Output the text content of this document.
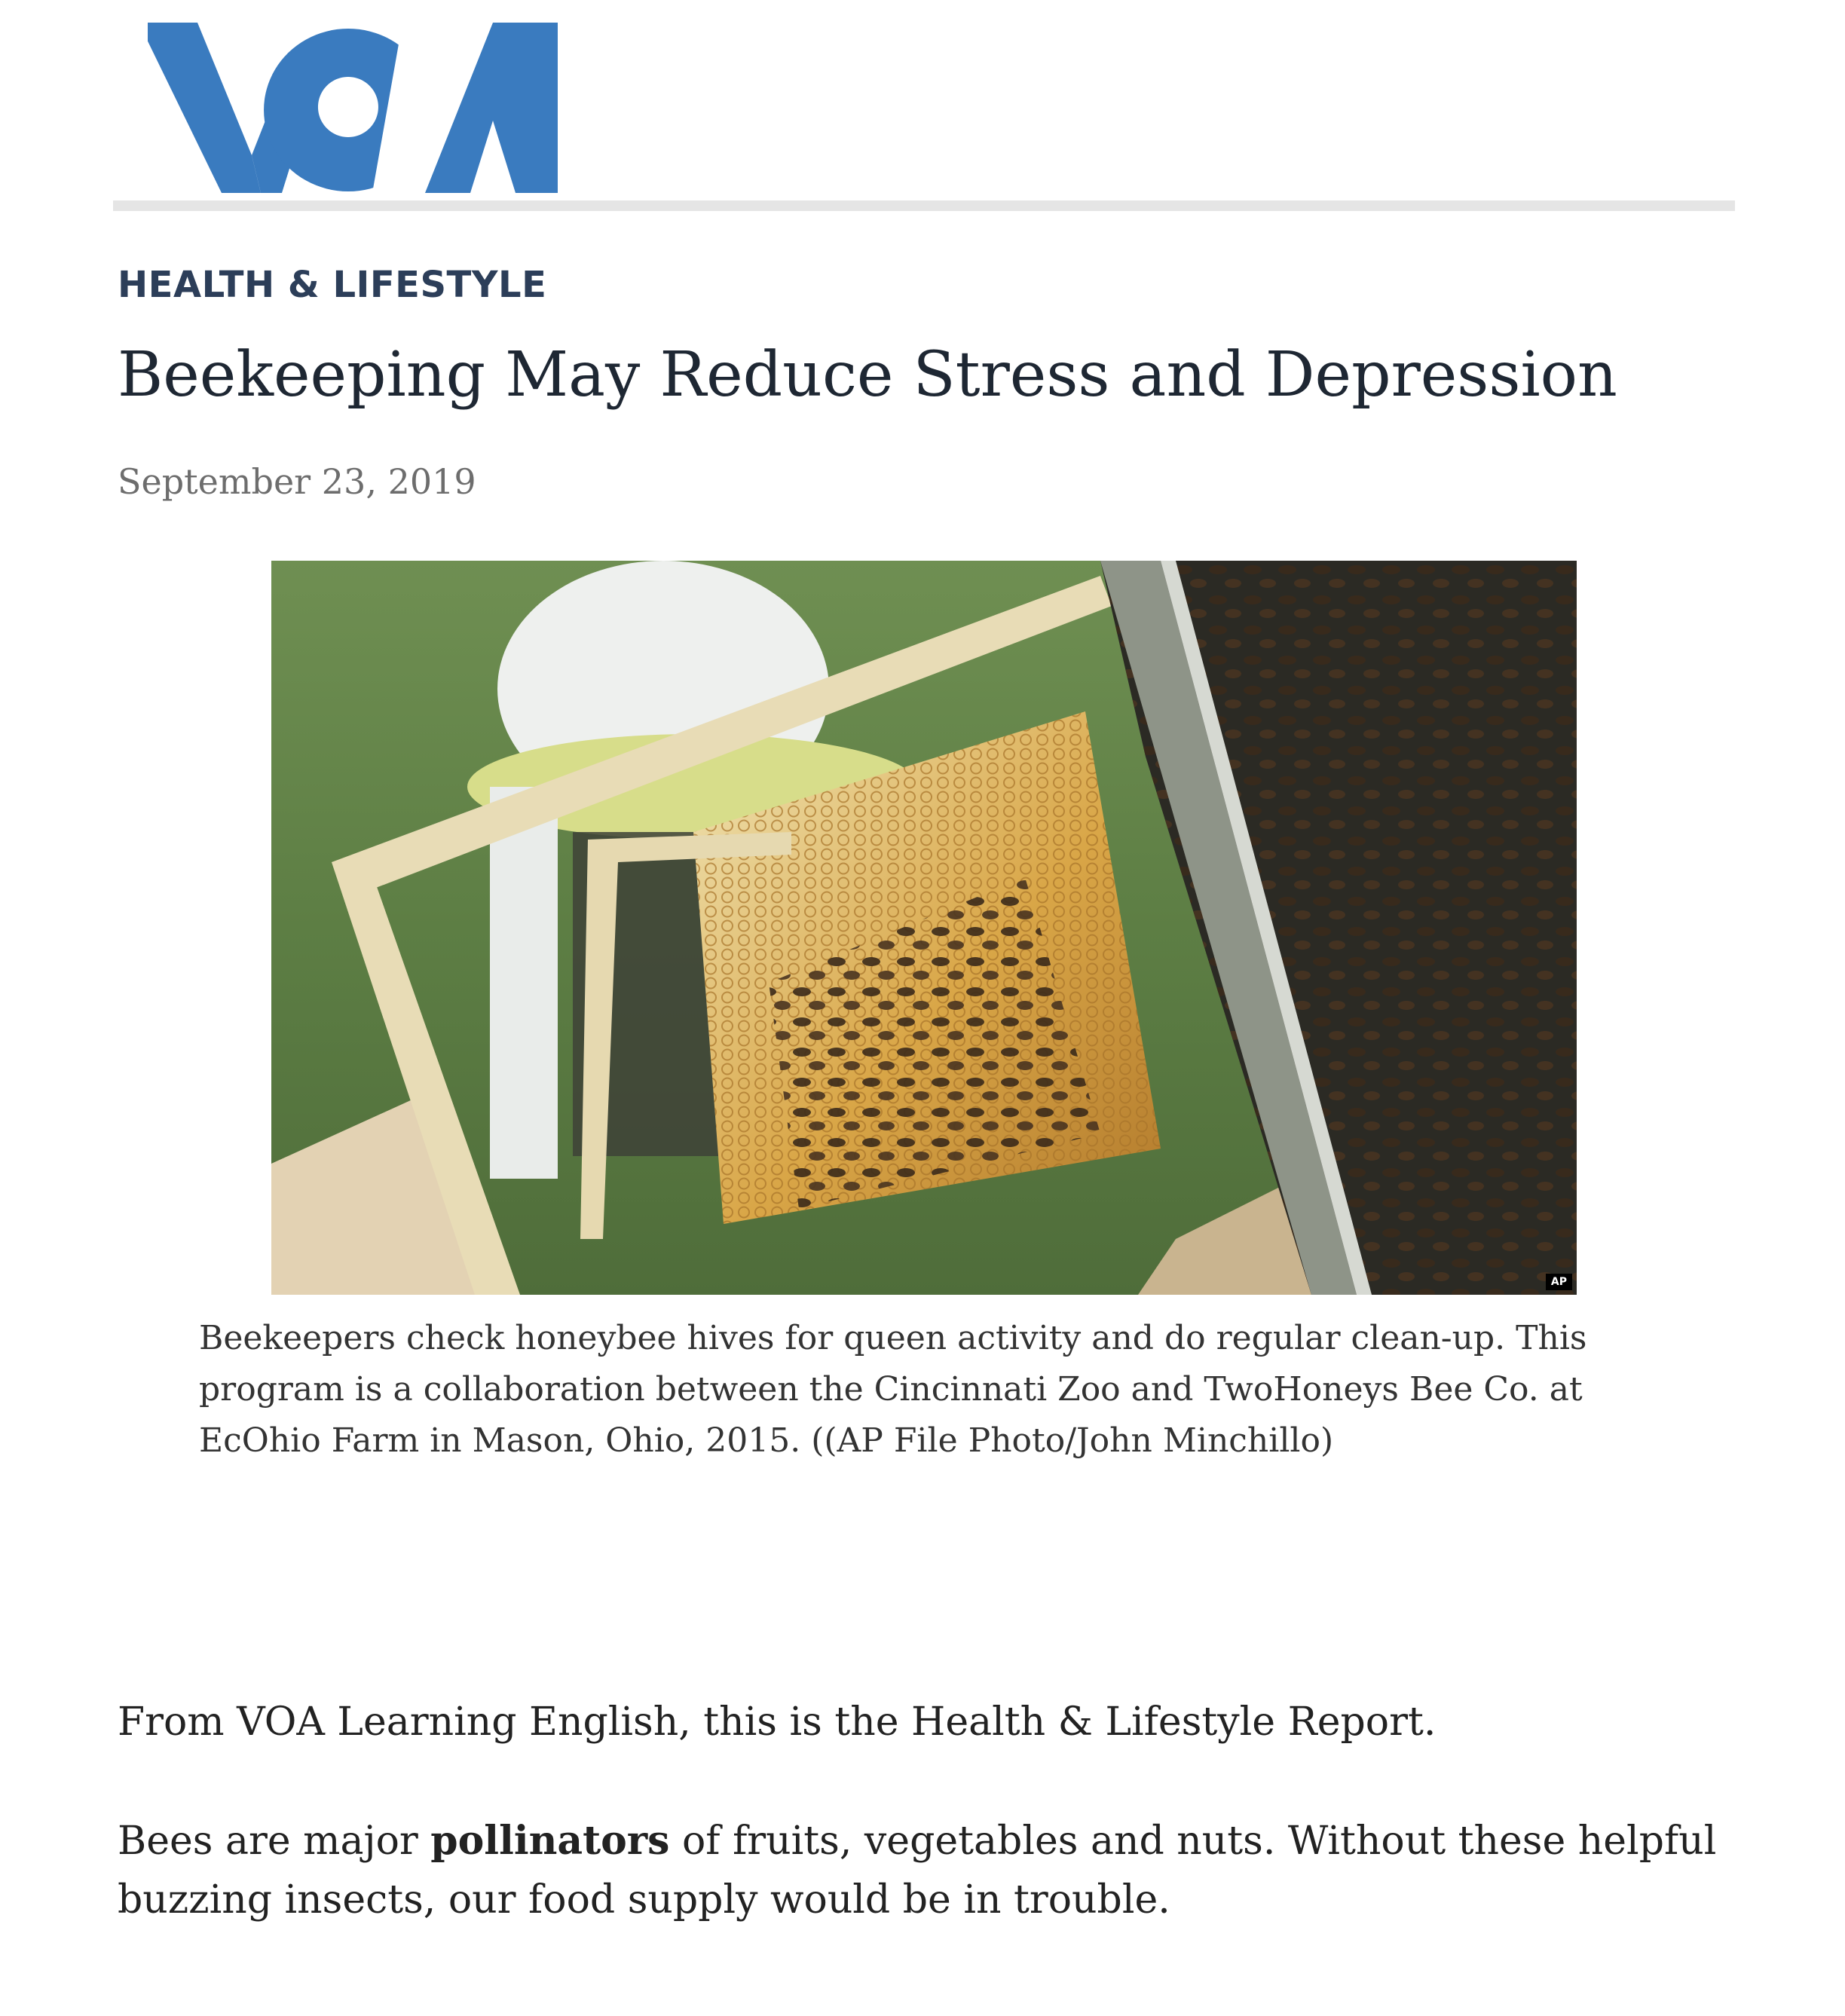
HEALTH & LIFESTYLE
Beekeeping May Reduce Stress and Depression
September 23, 2019
AP

Beekeepers check honeybee hives for queen activity and do regular clean-up. This program is a collaboration between the Cincinnati Zoo and TwoHoneys Bee Co. at EcOhio Farm in Mason, Ohio, 2015. ((AP File Photo/John Minchillo)

From VOA Learning English, this is the Health & Lifestyle Report.

Bees are major pollinators of fruits, vegetables and nuts. Without these helpful buzzing insects, our food supply would be in trouble.
